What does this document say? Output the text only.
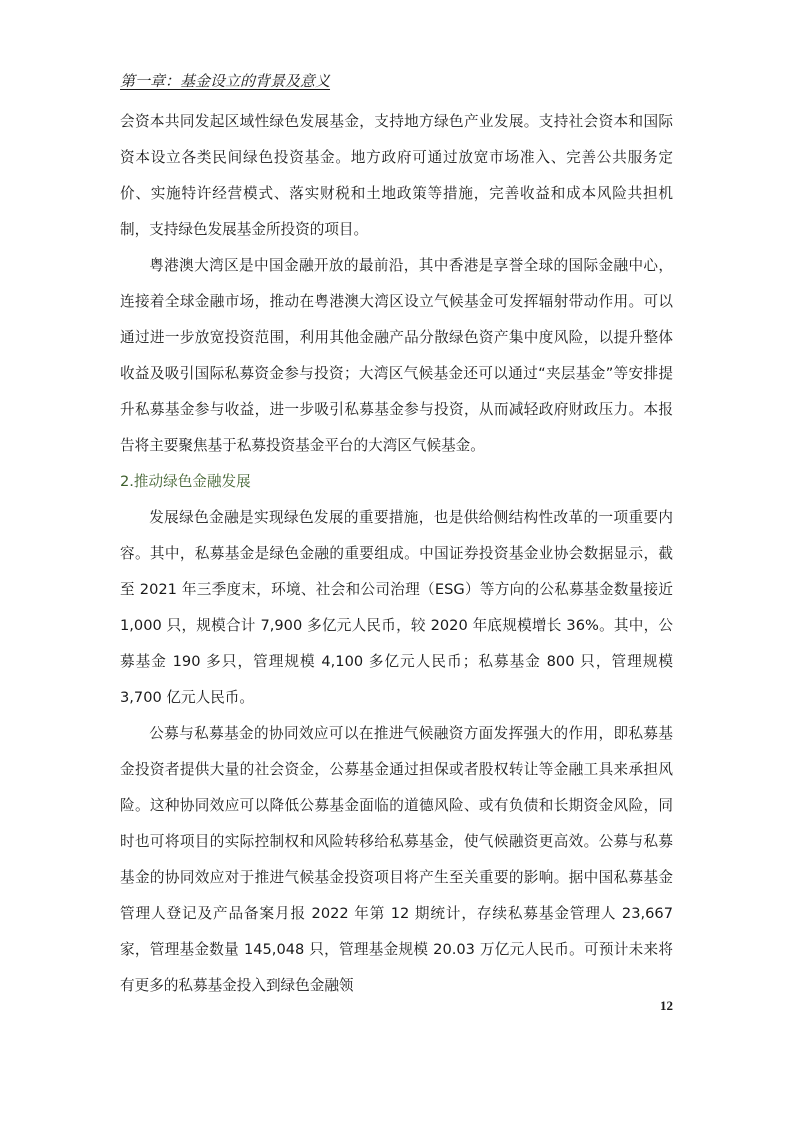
第一章：基金设立的背景及意义

会资本共同发起区域性绿色发展基金，支持地方绿色产业发展。支持社会资本和国际资本设立各类民间绿色投资基金。地方政府可通过放宽市场准入、完善公共服务定价、实施特许经营模式、落实财税和土地政策等措施，完善收益和成本风险共担机制，支持绿色发展基金所投资的项目。

粤港澳大湾区是中国金融开放的最前沿，其中香港是享誉全球的国际金融中心，连接着全球金融市场，推动在粤港澳大湾区设立气候基金可发挥辐射带动作用。可以通过进一步放宽投资范围，利用其他金融产品分散绿色资产集中度风险，以提升整体收益及吸引国际私募资金参与投资；大湾区气候基金还可以通过“夹层基金”等安排提升私募基金参与收益，进一步吸引私募基金参与投资，从而减轻政府财政压力。本报告将主要聚焦基于私募投资基金平台的大湾区气候基金。

2.推动绿色金融发展

发展绿色金融是实现绿色发展的重要措施，也是供给侧结构性改革的一项重要内容。其中，私募基金是绿色金融的重要组成。中国证券投资基金业协会数据显示，截至 2021 年三季度末，环境、社会和公司治理（ESG）等方向的公私募基金数量接近1,000 只，规模合计 7,900 多亿元人民币，较 2020 年底规模增长 36%。其中，公募基金 190 多只，管理规模 4,100 多亿元人民币；私募基金 800 只，管理规模 3,700 亿元人民币。

公募与私募基金的协同效应可以在推进气候融资方面发挥强大的作用，即私募基金投资者提供大量的社会资金，公募基金通过担保或者股权转让等金融工具来承担风险。这种协同效应可以降低公募基金面临的道德风险、或有负债和长期资金风险，同时也可将项目的实际控制权和风险转移给私募基金，使气候融资更高效。公募与私募基金的协同效应对于推进气候基金投资项目将产生至关重要的影响。据中国私募基金管理人登记及产品备案月报 2022 年第 12 期统计，存续私募基金管理人 23,667 家，管理基金数量 145,048 只，管理基金规模 20.03 万亿元人民币。可预计未来将有更多的私募基金投入到绿色金融领

12
